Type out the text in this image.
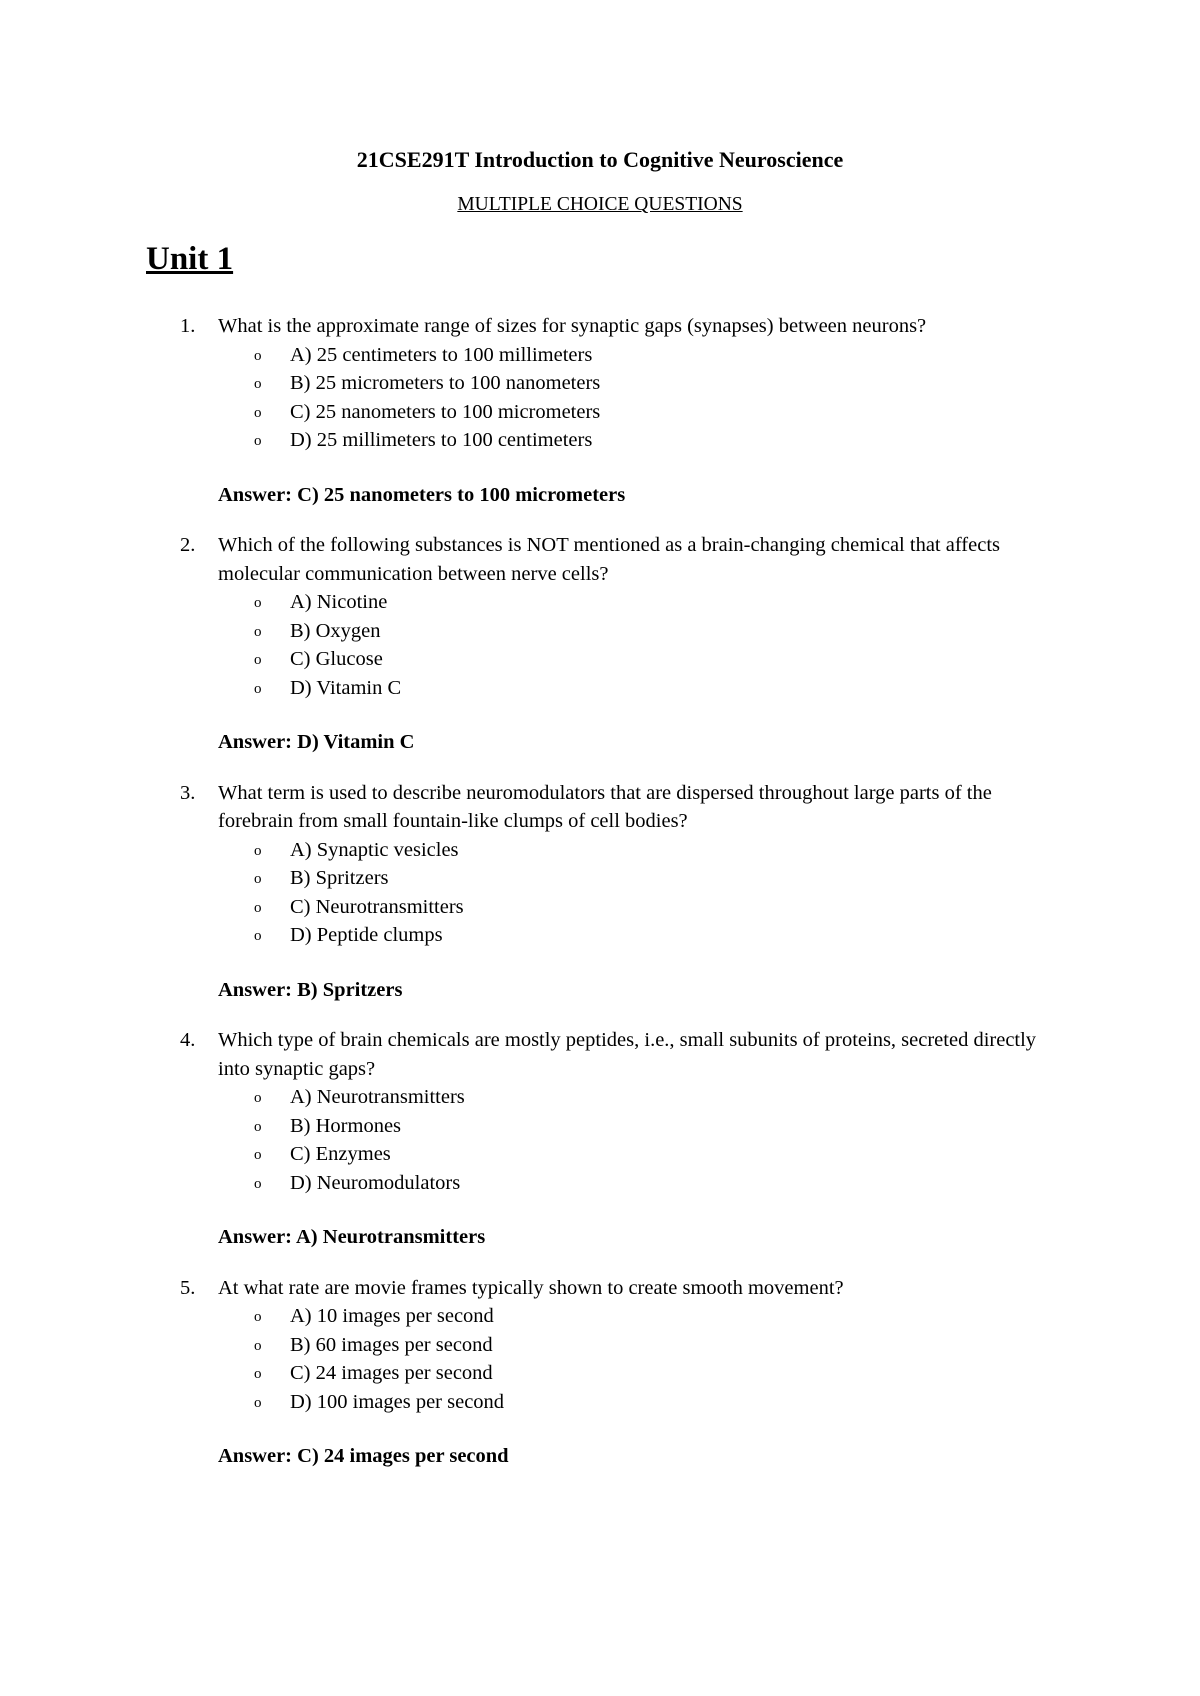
21CSE291T Introduction to Cognitive Neuroscience
MULTIPLE CHOICE QUESTIONS
Unit 1
1. What is the approximate range of sizes for synaptic gaps (synapses) between neurons?
o A) 25 centimeters to 100 millimeters
o B) 25 micrometers to 100 nanometers
o C) 25 nanometers to 100 micrometers
o D) 25 millimeters to 100 centimeters
Answer: C) 25 nanometers to 100 micrometers
2. Which of the following substances is NOT mentioned as a brain-changing chemical that affects molecular communication between nerve cells?
o A) Nicotine
o B) Oxygen
o C) Glucose
o D) Vitamin C
Answer: D) Vitamin C
3. What term is used to describe neuromodulators that are dispersed throughout large parts of the forebrain from small fountain-like clumps of cell bodies?
o A) Synaptic vesicles
o B) Spritzers
o C) Neurotransmitters
o D) Peptide clumps
Answer: B) Spritzers
4. Which type of brain chemicals are mostly peptides, i.e., small subunits of proteins, secreted directly into synaptic gaps?
o A) Neurotransmitters
o B) Hormones
o C) Enzymes
o D) Neuromodulators
Answer: A) Neurotransmitters
5. At what rate are movie frames typically shown to create smooth movement?
o A) 10 images per second
o B) 60 images per second
o C) 24 images per second
o D) 100 images per second
Answer: C) 24 images per second
